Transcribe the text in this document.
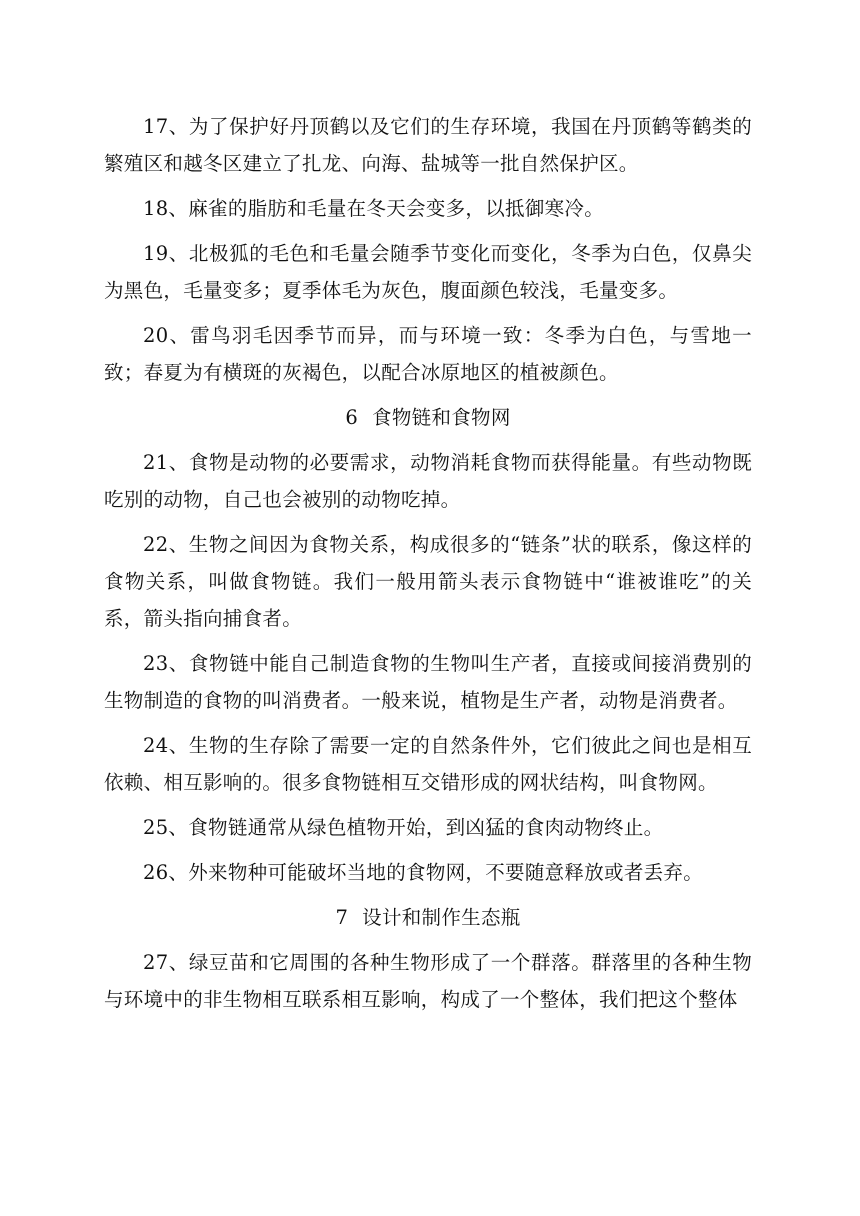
17、为了保护好丹顶鹤以及它们的生存环境，我国在丹顶鹤等鹤类的繁殖区和越冬区建立了扎龙、向海、盐城等一批自然保护区。

18、麻雀的脂肪和毛量在冬天会变多，以抵御寒冷。

19、北极狐的毛色和毛量会随季节变化而变化，冬季为白色，仅鼻尖为黑色，毛量变多；夏季体毛为灰色，腹面颜色较浅，毛量变多。

20、雷鸟羽毛因季节而异，而与环境一致：冬季为白色，与雪地一致；春夏为有横斑的灰褐色，以配合冰原地区的植被颜色。

6 食物链和食物网

21、食物是动物的必要需求，动物消耗食物而获得能量。有些动物既吃别的动物，自己也会被别的动物吃掉。

22、生物之间因为食物关系，构成很多的“链条”状的联系，像这样的食物关系，叫做食物链。我们一般用箭头表示食物链中“谁被谁吃”的关系，箭头指向捕食者。

23、食物链中能自己制造食物的生物叫生产者，直接或间接消费别的生物制造的食物的叫消费者。一般来说，植物是生产者，动物是消费者。

24、生物的生存除了需要一定的自然条件外，它们彼此之间也是相互依赖、相互影响的。很多食物链相互交错形成的网状结构，叫食物网。

25、食物链通常从绿色植物开始，到凶猛的食肉动物终止。

26、外来物种可能破坏当地的食物网，不要随意释放或者丢弃。

7 设计和制作生态瓶

27、绿豆苗和它周围的各种生物形成了一个群落。群落里的各种生物与环境中的非生物相互联系相互影响，构成了一个整体，我们把这个整体
